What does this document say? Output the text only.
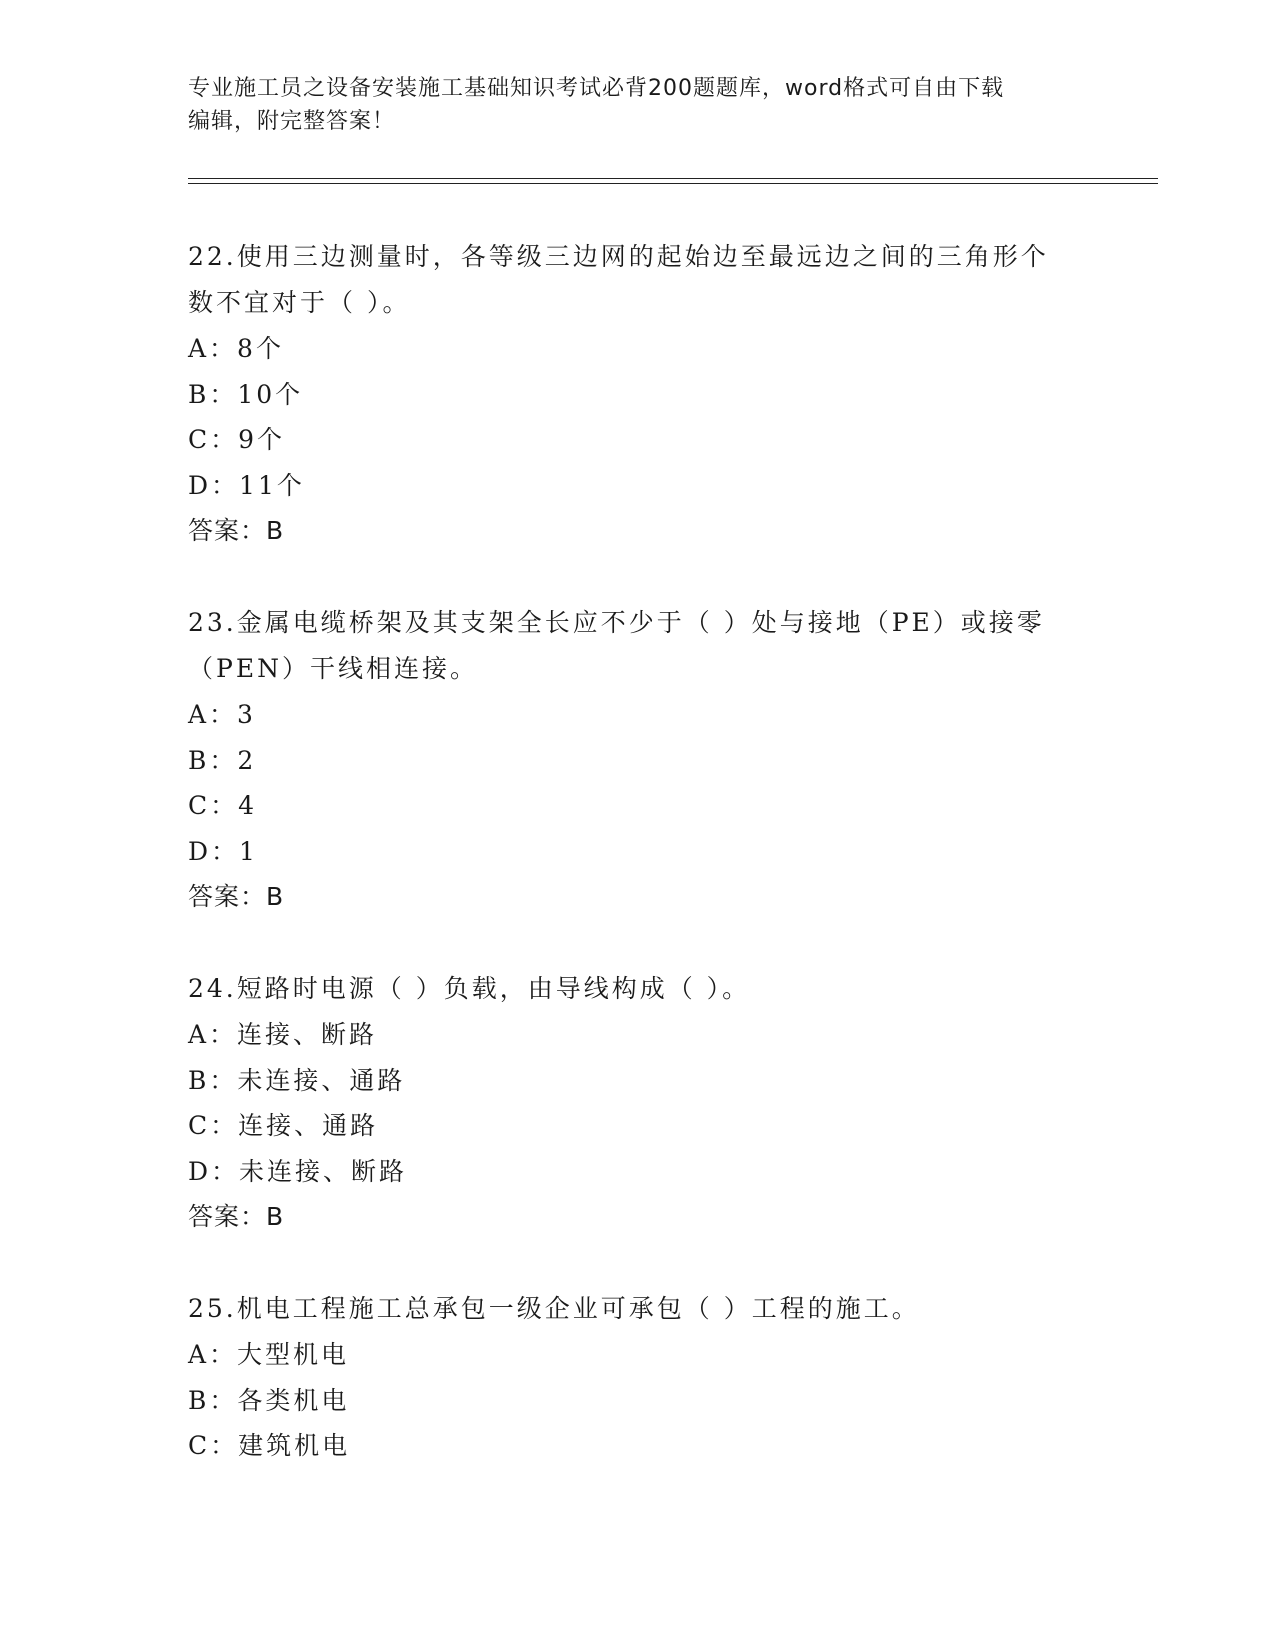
专业施工员之设备安装施工基础知识考试必背200题题库，word格式可自由下载
编辑，附完整答案！

22.使用三边测量时，各等级三边网的起始边至最远边之间的三角形个

数不宜对于（ ）。

A：8个

B：10个

C：9个

D：11个

答案：B

23.金属电缆桥架及其支架全长应不少于（ ）处与接地（PE）或接零

（PEN）干线相连接。

A：3

B：2

C：4

D：1

答案：B

24.短路时电源（ ）负载，由导线构成（ ）。

A：连接、断路

B：未连接、通路

C：连接、通路

D：未连接、断路

答案：B

25.机电工程施工总承包一级企业可承包（ ）工程的施工。

A：大型机电

B：各类机电

C：建筑机电
